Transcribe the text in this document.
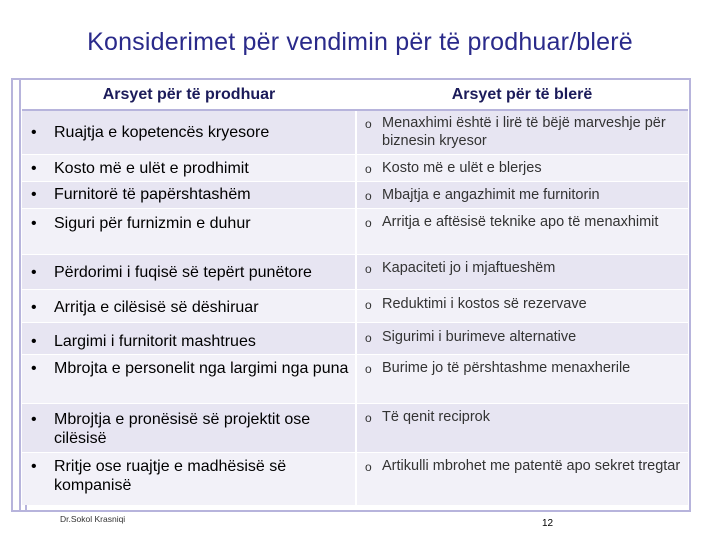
Konsiderimet për vendimin për të prodhuar/blerë
Arsyet për të prodhuar	Arsyet për të blerë

• Ruajtja e kopetencës kryesore	o Menaxhimi është i lirë të bëjë marveshje për biznesin kryesor

• Kosto më e ulët e prodhimit	o Kosto më e ulët e blerjes

• Furnitorë të papërshtashëm	o Mbajtja e angazhimit me furnitorin

• Siguri për furnizmin e duhur	o Arritja e aftësisë teknike apo të menaxhimit

• Përdorimi i fuqisë së tepërt punëtore	o Kapaciteti jo i mjaftueshëm

• Arritja e cilësisë së dëshiruar	o Reduktimi i kostos së rezervave

• Largimi i furnitorit mashtrues	o Sigurimi i burimeve alternative

• Mbrojta e personelit nga largimi nga puna	o Burime jo të përshtashme menaxherile

• Mbrojtja e pronësisë së projektit ose cilësisë	o Të qenit reciprok

• Rritje ose ruajtje e madhësisë së kompanisë	o Artikulli mbrohet me patentë apo sekret tregtar
Dr.Sokol Krasniqi	12
